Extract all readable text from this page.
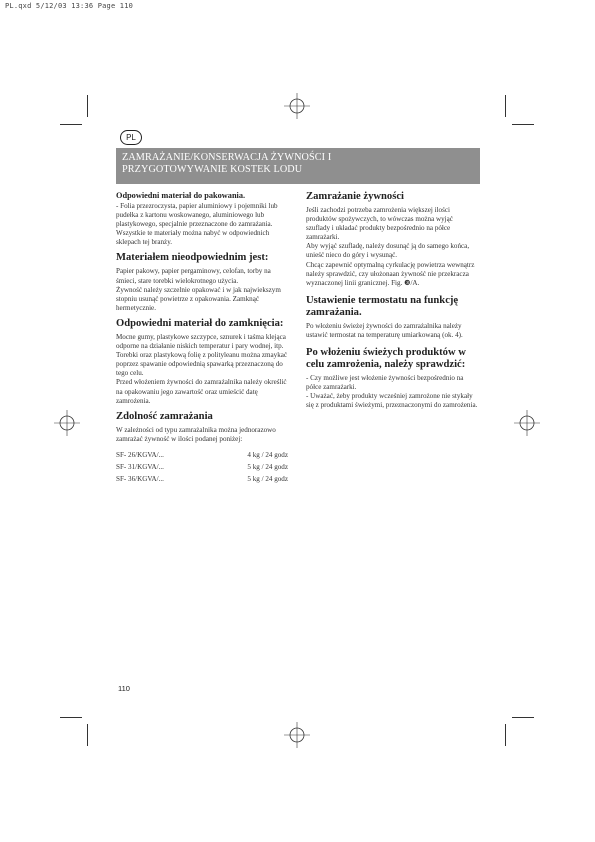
PL.qxd 5/12/03 13:36 Page 110
PL
ZAMRAŻANIE/KONSERWACJA ŻYWNOŚCI I
PRZYGOTOWYWANIE KOSTEK LODU

Odpowiedni materiał do pakowania.

- Folia przezroczysta, papier aluminiowy i pojemniki lub pudełka z kartonu woskowanego, aluminiowego lub plastykowego, specjalnie przeznaczone do zamrażania.

Wszystkie te materiały można nabyć w odpowiednich sklepach tej branży.

Materiałem nieodpowiednim jest:

Papier pakowy, papier pergaminowy, celofan, torby na śmieci, stare torebki wielokrotnego użycia.

Żywność należy szczelnie opakować i w jak najwiekszym stopniu usunąć powietrze z opakowania. Zamknąć hermetycznie.

Odpowiedni materiał do zamknięcia:

Mocne gumy, plastykowe szczypce, sznurek i taśma klejąca odporne na działanie niskich temperatur i pary wodnej, itp.

Torebki oraz plastykową folię z polityleanu można zmaykać poprzez spawanie odpowiednią spawarką przeznaczoną do tego celu.

Przed włożeniem żywności do zamrażalnika należy określić na opakowaniu jego zawartość oraz umieścić datę zamrożenia.

Zdolność zamrażania

W zależności od typu zamrażalnika można jednorazowo zamrażać żywność w ilości podanej poniżej:

SF- 26/KGVA/...	4 kg / 24 godz
SF- 31/KGVA/...	5 kg / 24 godz
SF- 36/KGVA/...	5 kg / 24 godz

Zamrażanie żywności

Jeśli zachodzi potrzeba zamrożenia większej ilości produktów spożywczych, to wówczas można wyjąć szuflady i układać produkty bezpośrednio na półce zamrażarki.

Aby wyjąć szufladę, należy dosunąć ją do samego końca, unieść nieco do góry i wysunąć.

Chcąc zapewnić optymalną cyrkulację powietrza wewnątrz należy sprawdzić, czy ułożonaan żywność nie przekracza wyznaczonej linii granicznej. Fig. ❸/A.

Ustawienie termostatu na funkcję zamrażania.

Po włożeniu świeżej żywności do zamrażalnika należy ustawić termostat na temperaturę umiarkowaną (ok. 4).

Po włożeniu świeżych produktów w celu zamrożenia, należy sprawdzić:

- Czy możliwe jest włożenie żywności bezpośrednio na półce zamrażarki.

- Uważać, żeby produkty wcześniej zamrożone nie stykały się z produktami świeżymi, przeznaczonymi do zamrożenia.

110
